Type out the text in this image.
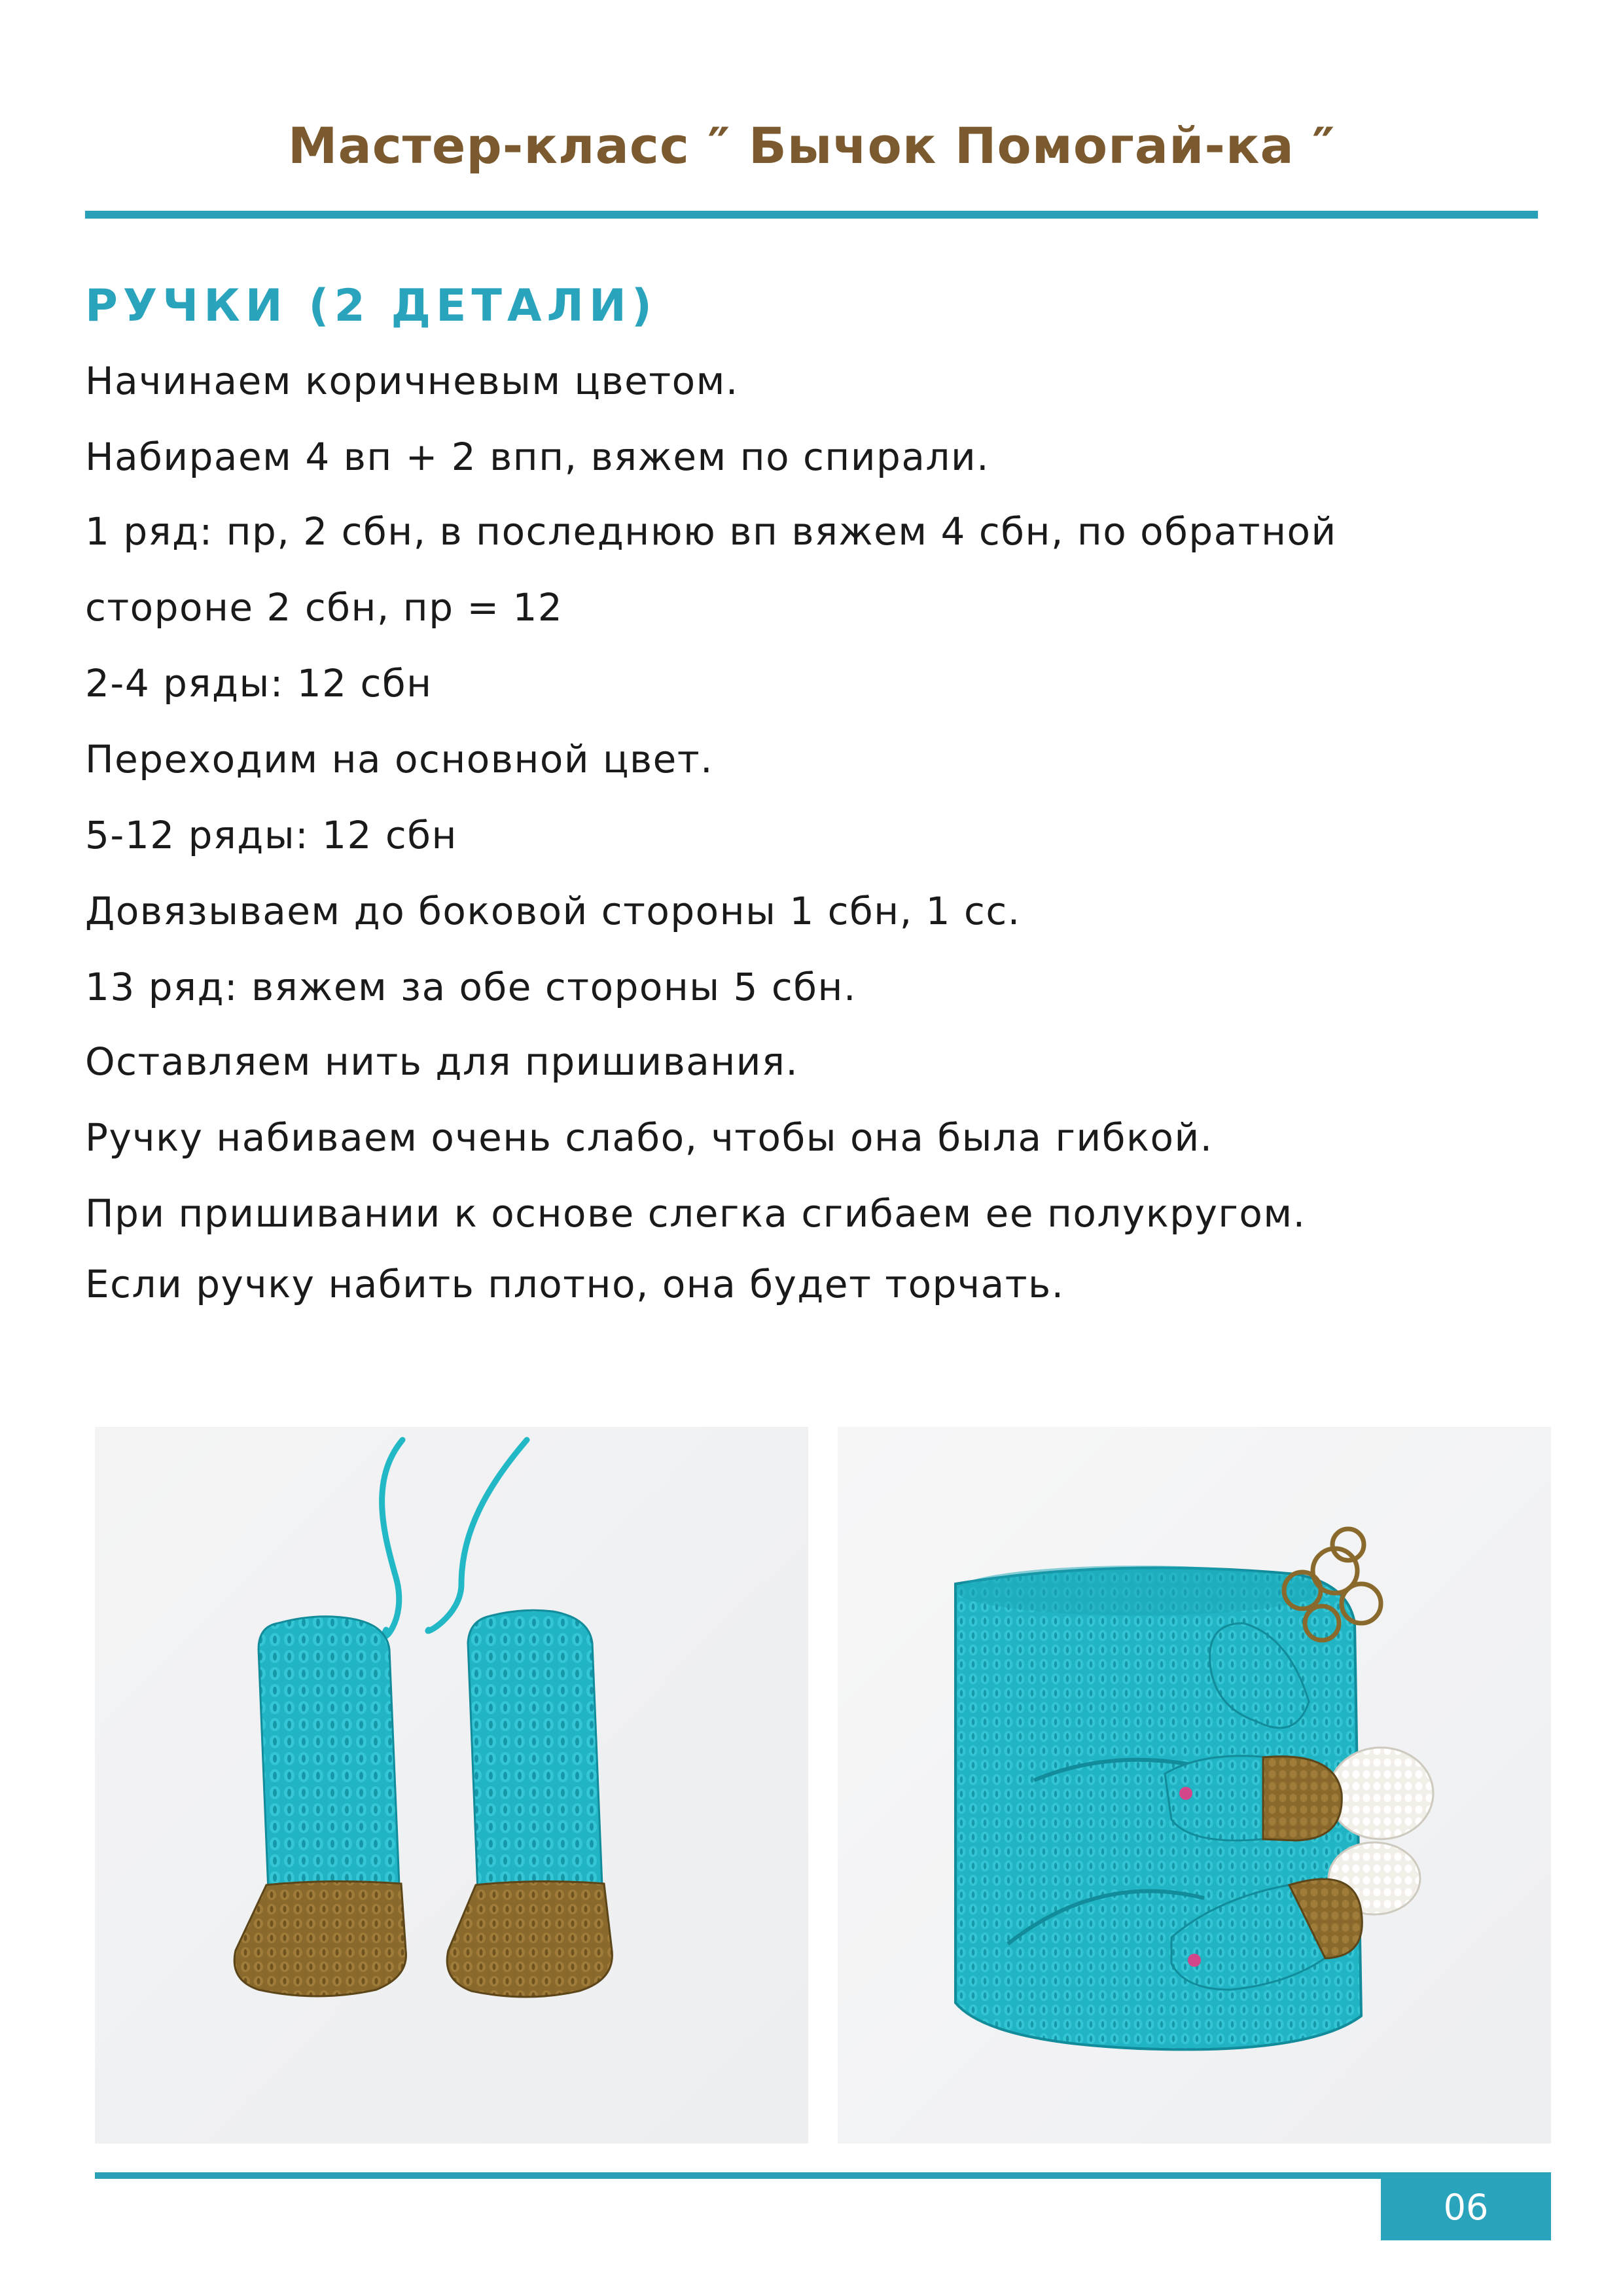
Мастер-класс ″ Бычок Помогай-ка ″
РУЧКИ (2 ДЕТАЛИ)
Начинаем коричневым цветом.
Набираем 4 вп + 2 впп, вяжем по спирали.
1 ряд: пр, 2 сбн, в последнюю вп вяжем 4 сбн, по обратной
стороне 2 сбн, пр = 12
2-4 ряды: 12 сбн
Переходим на основной цвет.
5-12 ряды: 12 сбн
Довязываем до боковой стороны 1 сбн, 1 сс.
13 ряд: вяжем за обе стороны 5 сбн.
Оставляем нить для пришивания.
Ручку набиваем очень слабо, чтобы она была гибкой.
При пришивании к основе слегка сгибаем ее полукругом.
Если ручку набить плотно, она будет торчать.
06
